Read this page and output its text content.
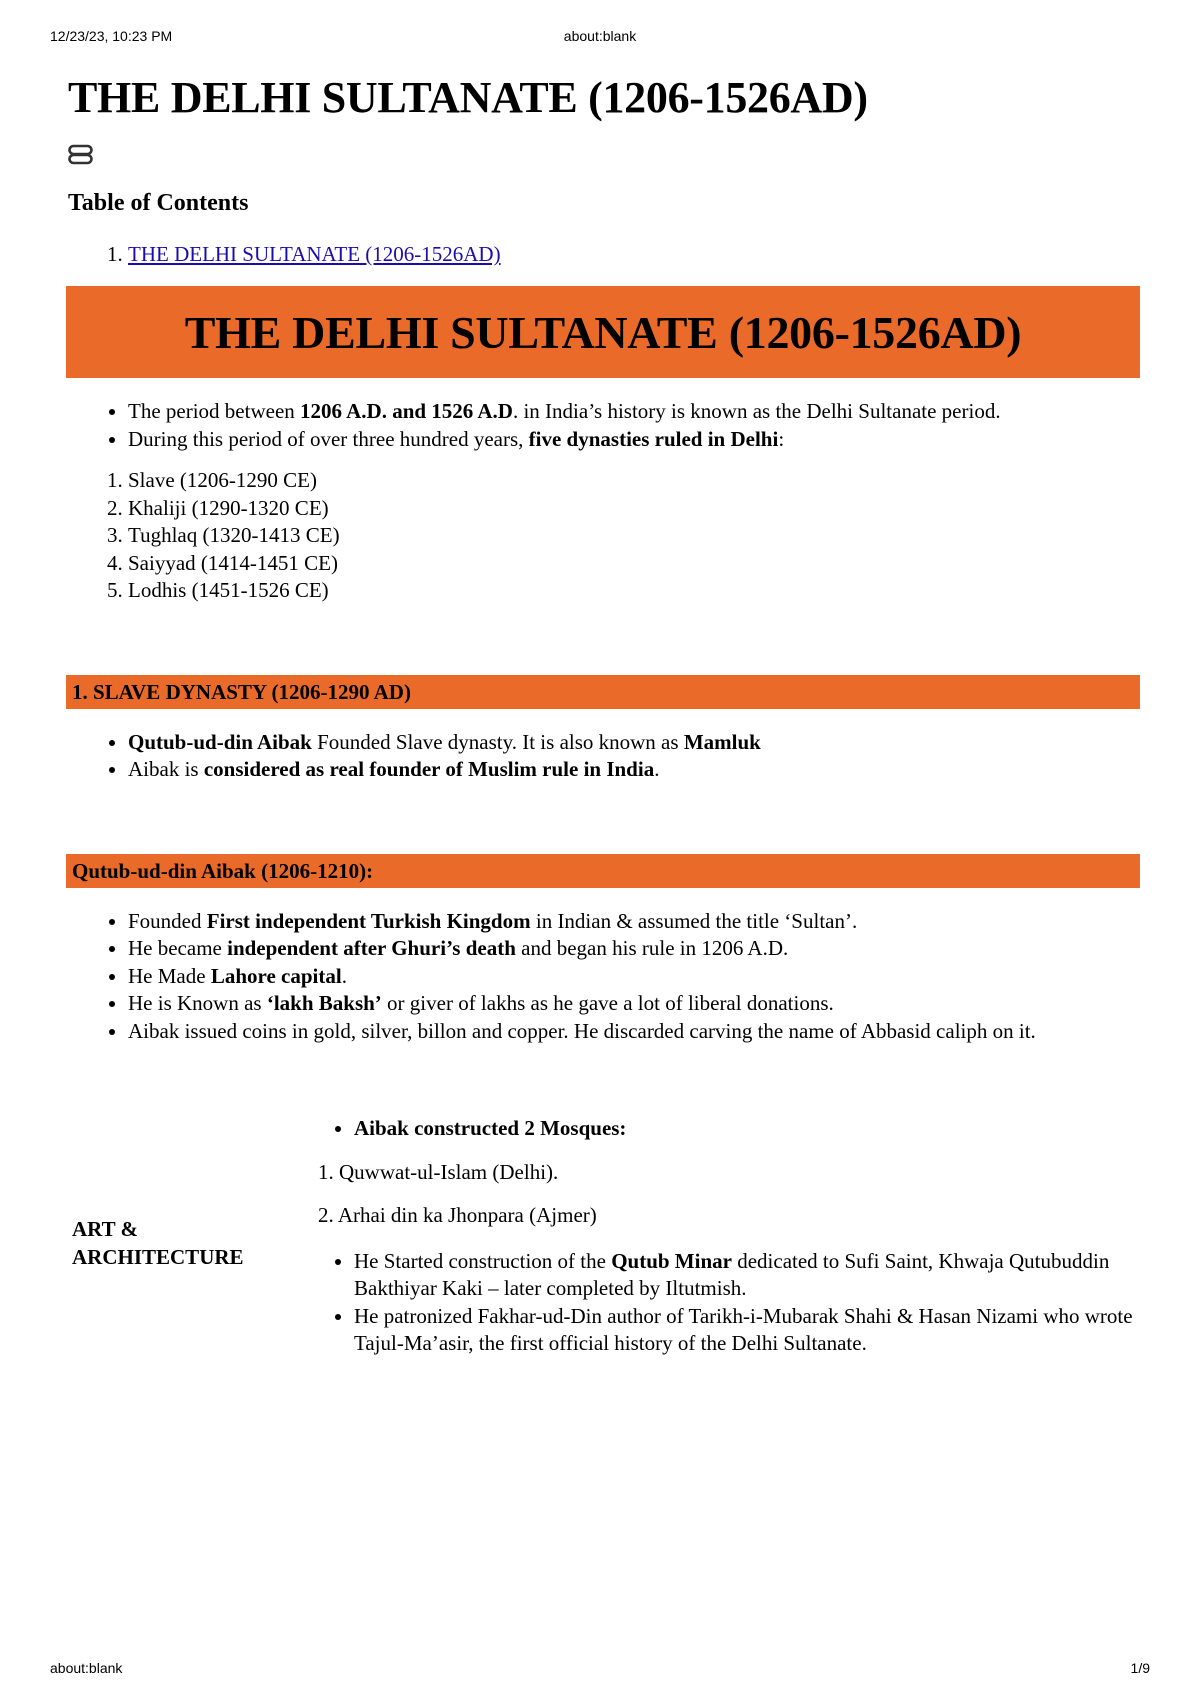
12/23/23, 10:23 PM	about:blank
THE DELHI SULTANATE (1206-1526AD)
Table of Contents
1. THE DELHI SULTANATE (1206-1526AD)
THE DELHI SULTANATE (1206-1526AD)
• The period between 1206 A.D. and 1526 A.D. in India’s history is known as the Delhi Sultanate period.
• During this period of over three hundred years, five dynasties ruled in Delhi:
1. Slave (1206-1290 CE)
2. Khaliji (1290-1320 CE)
3. Tughlaq (1320-1413 CE)
4. Saiyyad (1414-1451 CE)
5. Lodhis (1451-1526 CE)
1. SLAVE DYNASTY (1206-1290 AD)
• Qutub-ud-din Aibak Founded Slave dynasty. It is also known as Mamluk
• Aibak is considered as real founder of Muslim rule in India.
Qutub-ud-din Aibak (1206-1210):
• Founded First independent Turkish Kingdom in Indian & assumed the title ‘Sultan’.
• He became independent after Ghuri’s death and began his rule in 1206 A.D.
• He Made Lahore capital.
• He is Known as ‘lakh Baksh’ or giver of lakhs as he gave a lot of liberal donations.
• Aibak issued coins in gold, silver, billon and copper. He discarded carving the name of Abbasid caliph on it.
ART & ARCHITECTURE
• Aibak constructed 2 Mosques:

1. Quwwat-ul-Islam (Delhi).

2. Arhai din ka Jhonpara (Ajmer)

• He Started construction of the Qutub Minar dedicated to Sufi Saint, Khwaja Qutubuddin Bakthiyar Kaki – later completed by Iltutmish.
• He patronized Fakhar-ud-Din author of Tarikh-i-Mubarak Shahi & Hasan Nizami who wrote Tajul-Ma’asir, the first official history of the Delhi Sultanate.
about:blank	1/9
